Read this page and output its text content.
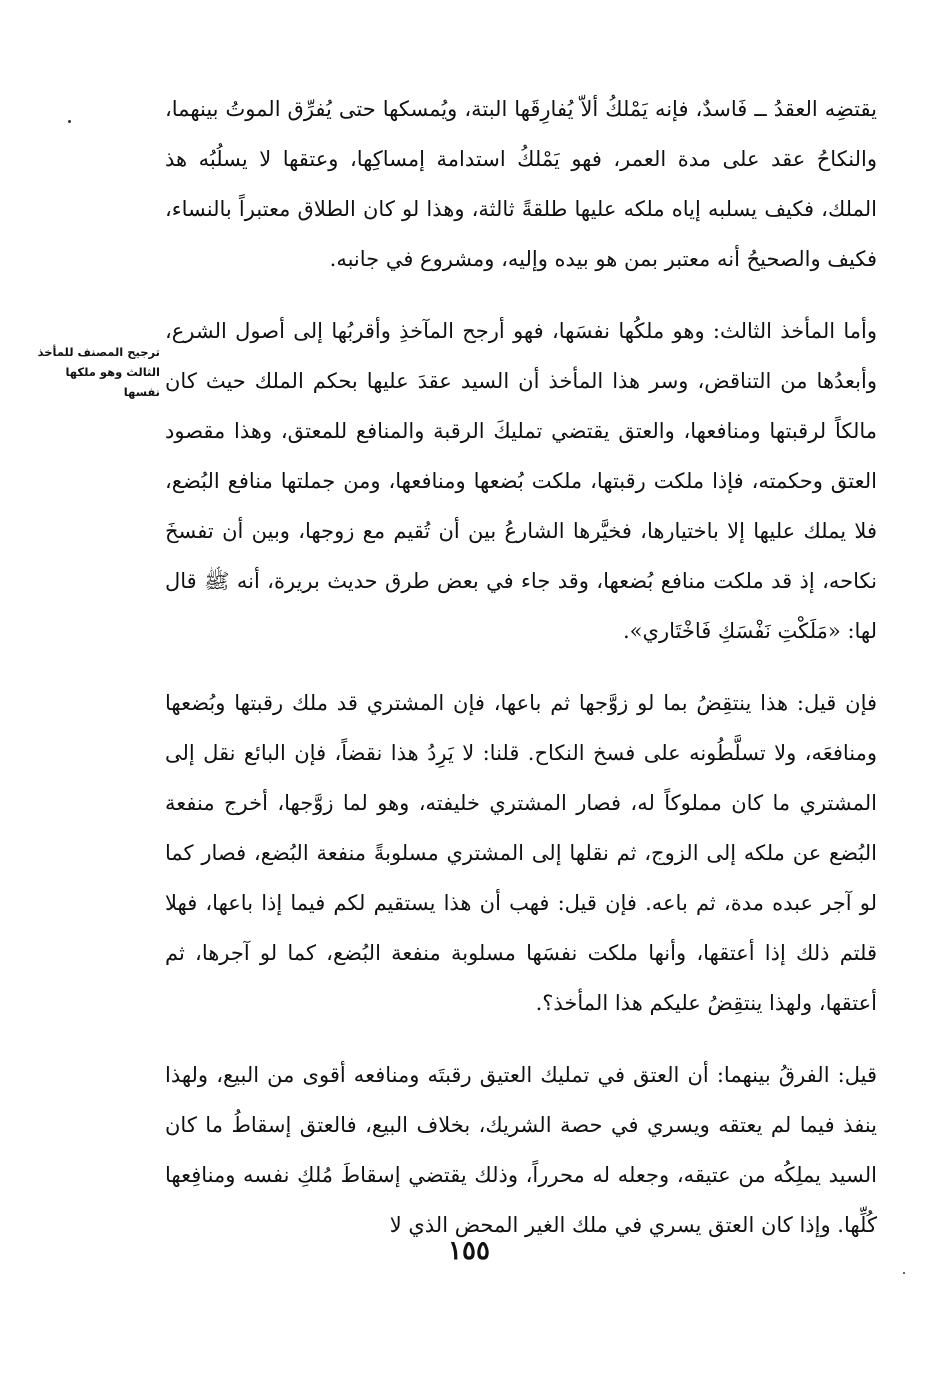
يقتضِه العقدُ ــ فَاسدٌ، فإنه يَمْلكُ ألاّ يُفارِقَها البتة، ويُمسكها حتى يُفرِّق الموتُ بينهما، والنكاحُ عقد على مدة العمر، فهو يَمْلكُ استدامة إمساكِها، وعتقها لا يسلُبُه هذ الملك، فكيف يسلبه إياه ملكه عليها طلقةً ثالثة، وهذا لو كان الطلاق معتبراً بالنساء، فكيف والصحيحُ أنه معتبر بمن هو بيده وإليه، ومشروع في جانبه.

وأما المأخذ الثالث: وهو ملكُها نفسَها، فهو أرجح المآخذِ وأقربُها إلى أصول الشرع، وأبعدُها من التناقض، وسر هذا المأخذ أن السيد عقدَ عليها بحكم الملك حيث كان مالكاً لرقبتها ومنافعها، والعتق يقتضي تمليكَ الرقبة والمنافع للمعتق، وهذا مقصود العتق وحكمته، فإذا ملكت رقبتها، ملكت بُضعها ومنافعها، ومن جملتها منافع البُضع، فلا يملك عليها إلا باختيارها، فخيَّرها الشارعُ بين أن تُقيم مع زوجها، وبين أن تفسخَ نكاحه، إذ قد ملكت منافع بُضعها، وقد جاء في بعض طرق حديث بريرة، أنه ﷺ قال لها: «مَلَكْتِ نَفْسَكِ فَاخْتَاري».

فإن قيل: هذا ينتقِضُ بما لو زوَّجها ثم باعها، فإن المشتري قد ملك رقبتها وبُضعها ومنافعَه، ولا تسلَّطُونه على فسخ النكاح. قلنا: لا يَرِدُ هذا نقضاً، فإن البائع نقل إلى المشتري ما كان مملوكاً له، فصار المشتري خليفته، وهو لما زوَّجها، أخرج منفعة البُضع عن ملكه إلى الزوج، ثم نقلها إلى المشتري مسلوبةً منفعة البُضع، فصار كما لو آجر عبده مدة، ثم باعه. فإن قيل: فهب أن هذا يستقيم لكم فيما إذا باعها، فهلا قلتم ذلك إذا أعتقها، وأنها ملكت نفسَها مسلوبة منفعة البُضع، كما لو آجرها، ثم أعتقها، ولهذا ينتقِضُ عليكم هذا المأخذ؟.

قيل: الفرقُ بينهما: أن العتق في تمليك العتيق رقبتَه ومنافعه أقوى من البيع، ولهذا ينفذ فيما لم يعتقه ويسري في حصة الشريك، بخلاف البيع، فالعتق إسقاطُ ما كان السيد يملِكُه من عتيقه، وجعله له محرراً، وذلك يقتضي إسقاطَ مُلكِ نفسه ومنافِعها كُلِّها. وإذا كان العتق يسري في ملك الغير المحض الذي لا

ترجيح المصنف للمأخذ الثالث وهو ملكها نفسها
١٥٥
